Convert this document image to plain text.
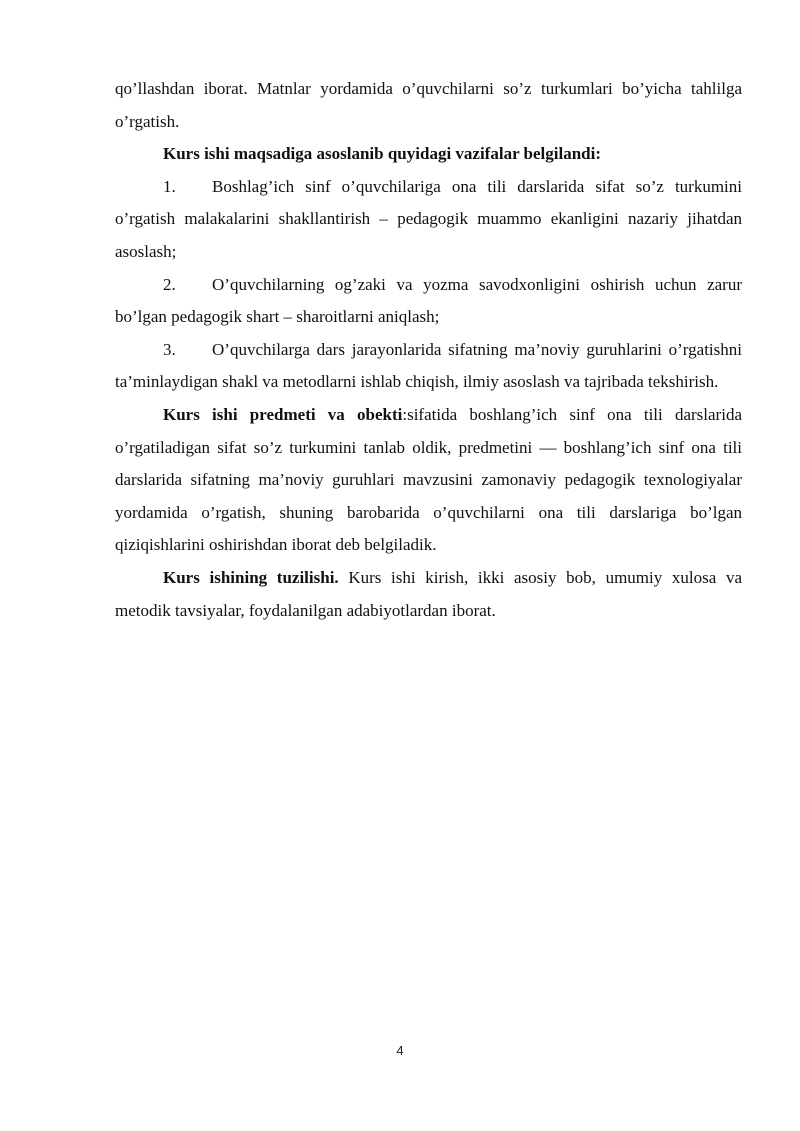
qo’llashdan iborat. Matnlar yordamida o’quvchilarni so’z turkumlari bo’yicha tahlilga o’rgatish.

Kurs ishi maqsadiga asoslanib quyidagi vazifalar belgilandi:

1. Boshlag’ich sinf o’quvchilariga ona tili darslarida sifat so’z turkumini o’rgatish malakalarini shakllantirish – pedagogik muammo ekanligini nazariy jihatdan asoslash;

2. O’quvchilarning og’zaki va yozma savodxonligini oshirish uchun zarur bo’lgan pedagogik shart – sharoitlarni aniqlash;

3. O’quvchilarga dars jarayonlarida sifatning ma’noviy guruhlarini o’rgatishni ta’minlaydigan shakl va metodlarni ishlab chiqish, ilmiy asoslash va tajribada tekshirish.

Kurs ishi predmeti va obekti:sifatida boshlang’ich sinf ona tili darslarida o’rgatiladigan sifat so’z turkumini tanlab oldik, predmetini — boshlang’ich sinf ona tili darslarida sifatning ma’noviy guruhlari mavzusini zamonaviy pedagogik texnologiyalar yordamida o’rgatish, shuning barobarida o’quvchilarni ona tili darslariga bo’lgan qiziqishlarini oshirishdan iborat deb belgiladik.

Kurs ishining tuzilishi. Kurs ishi kirish, ikki asosiy bob, umumiy xulosa va metodik tavsiyalar, foydalanilgan adabiyotlardan iborat.

4
